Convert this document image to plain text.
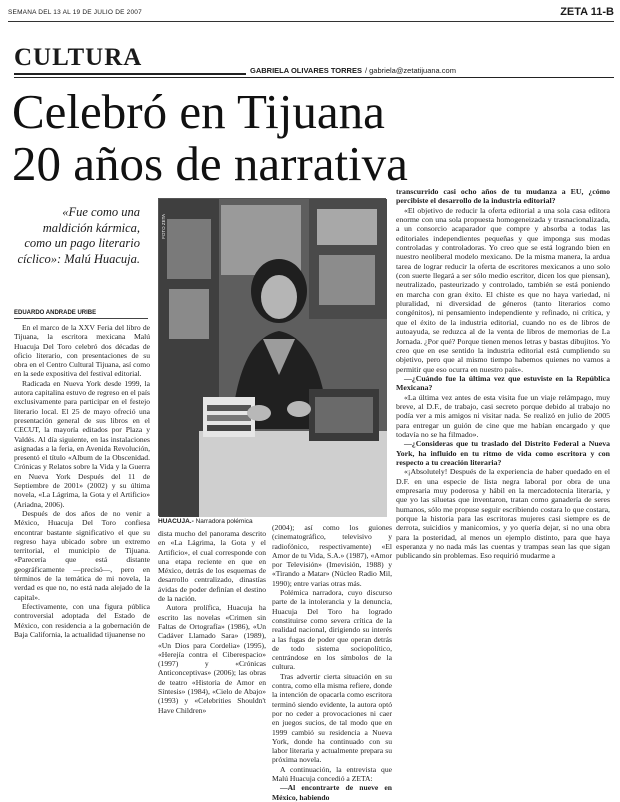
SEMANA DEL 13 AL 19 DE JULIO DE 2007	ZETA 11-B
CULTURA	GABRIELA OLIVARES TORRES / gabriela@zetatijuana.com
Celebró en Tijuana
20 años de narrativa
«Fue como una maldición kármica, como un pago literario cíclico»: Malú Huacuja.
EDUARDO ANDRADE URIBE

En el marco de la XXV Feria del libro de Tijuana, la escritora mexicana Malú Huacuja Del Toro celebró dos décadas de oficio literario, con presentaciones de su obra en el Centro Cultural Tijuana, así como en la sede expositiva del festival editorial.

Radicada en Nueva York desde 1999, la autora capitalina estuvo de regreso en el país exclusivamente para participar en el festejo literario local. El 25 de mayo ofreció una presentación general de sus libros en el CECUT, la mayoría editados por Plaza y Valdés. Al día siguiente, en las instalaciones asignadas a la feria, en Avenida Revolución, presentó el título «Album de la Obscenidad. Crónicas y Relatos sobre la Vida y la Guerra en Nueva York Después del 11 de Septiembre de 2001» (2002) y su última novela, «La Lágrima, la Gota y el Artificio» (Ariadna, 2006).

Después de dos años de no venir a México, Huacuja Del Toro confiesa encontrar bastante significativo el que su regreso haya ubicado sobre un extremo territorial, el municipio de Tijuana. «Parecería que está distante geográficamente —precisó—, pero en términos de la temática de mi novela, la verdad es que no, no está nada alejado de la capital».

Efectivamente, con una figura pública controversial adoptada del Estado de México, con residencia a la gobernación de Baja California, la actualidad tijuanense no

FOTO ZETA
HUACUJA.- Narradora polémica

dista mucho del panorama descrito en «La Lágrima, la Gota y el Artificio», el cual corresponde con una etapa reciente en que en México, detrás de los esquemas de desarrollo centralizado, dinastías ávidas de poder definían el destino de la nación.

Autora prolífica, Huacuja ha escrito las novelas «Crimen sin Faltas de Ortografía» (1986), «Un Cadáver Llamado Sara» (1989), «Un Dios para Cordelia» (1995), «Herejía contra el Ciberespacio» (1997) y «Crónicas Anticonceptivas» (2006); las obras de teatro «Historia de Amor en Síntesis» (1984), «Cielo de Abajo» (1993) y «Celebrities Shouldn't Have Children»

(2004); así como los guiones (cinematográfico, televisivo y radiofónico, respectivamente) «El Amor de tu Vida, S.A.» (1987), «Amor por Televisión» (Imevisión, 1988) y «Tirando a Matar» (Núcleo Radio Mil, 1990); entre varias otras más.

Polémica narradora, cuyo discurso parte de la intolerancia y la denuncia, Huacuja Del Toro ha logrado constituirse como severa crítica de la realidad nacional, dirigiendo su interés a las fugas de poder que operan detrás de todo sistema sociopolítico, centrándose en los símbolos de la cultura.

Tras advertir cierta situación en su contra, como ella misma refiere, donde la intención de opacarla como escritora terminó siendo evidente, la autora optó por no ceder a provocaciones ni caer en juegos sucios, de tal modo que en 1999 cambió su residencia a Nueva York, donde ha continuado con su labor literaria y actualmente prepara su próxima novela.

A continuación, la entrevista que Malú Huacuja concedió a ZETA:

—Al encontrarte de nueve en México, habiendo

transcurrido casi ocho años de tu mudanza a EU, ¿cómo percibiste el desarrollo de la industria editorial?

«El objetivo de reducir la oferta editorial a una sola casa editora enorme con una sola propuesta homogeneizada y trasnacionalizada, a un consorcio acaparador que compre y absorba a todas las editoriales independientes pequeñas y que imponga sus modas controladas y controladoras. Yo creo que se está logrando bien en nuestro neoliberal modelo mexicano. De la misma manera, la ardua tarea de lograr reducir la oferta de escritores mexicanos a uno solo (con suerte llegará a ser sólo medio escritor, dicen los que piensan), neutralizado, pasteurizado y controlado, también se está poniendo en marcha con gran éxito. El chiste es que no haya variedad, ni pluralidad, ni diversidad de géneros (tanto literarios como congénitos), ni pensamiento independiente y refinado, ni crítica, y que el éxito de la industria editorial, cuando no es de libros de autoayuda, se reduzca al de la venta de libros de memorias de La Jornada. ¿Por qué? Porque tienen menos letras y bastas dibujitos. Yo creo que en ese sentido la industria editorial está cumpliendo su objetivo, pero que al mismo tiempo habemos quienes no vamos a permitir que eso ocurra en nuestro país».

—¿Cuándo fue la última vez que estuviste en la República Mexicana?

«La última vez antes de esta visita fue un viaje relámpago, muy breve, al D.F., de trabajo, casi secreto porque debido al trabajo no podía ver a mis amigos ni visitar nada. Se realizó en julio de 2005 para entregar un guión de cine que me habían encargado y que todavía no se ha filmado».

—¿Consideras que tu traslado del Distrito Federal a Nueva York, ha influido en tu ritmo de vida como escritora y con respecto a tu creación literaria?

«¡Absolutely! Después de la experiencia de haber quedado en el D.F. en una especie de lista negra laboral por obra de una empresaria muy poderosa y hábil en la mercadotecnia literaria, y que yo las siluetas que inventaron, tratan como ganadería de seres humanos, sólo me propuse seguir escribiendo costara lo que costara, porque la historia para las escritoras mujeres casi siempre es de derrota, suicidios y manicomios, y yo quería dejar, si no una obra para la posteridad, al menos un ejemplo distinto, para que haya esperanza y no nada más las cuentas y trampas sean las que sigan publicando sin problemas. Eso requirió mudarme a
